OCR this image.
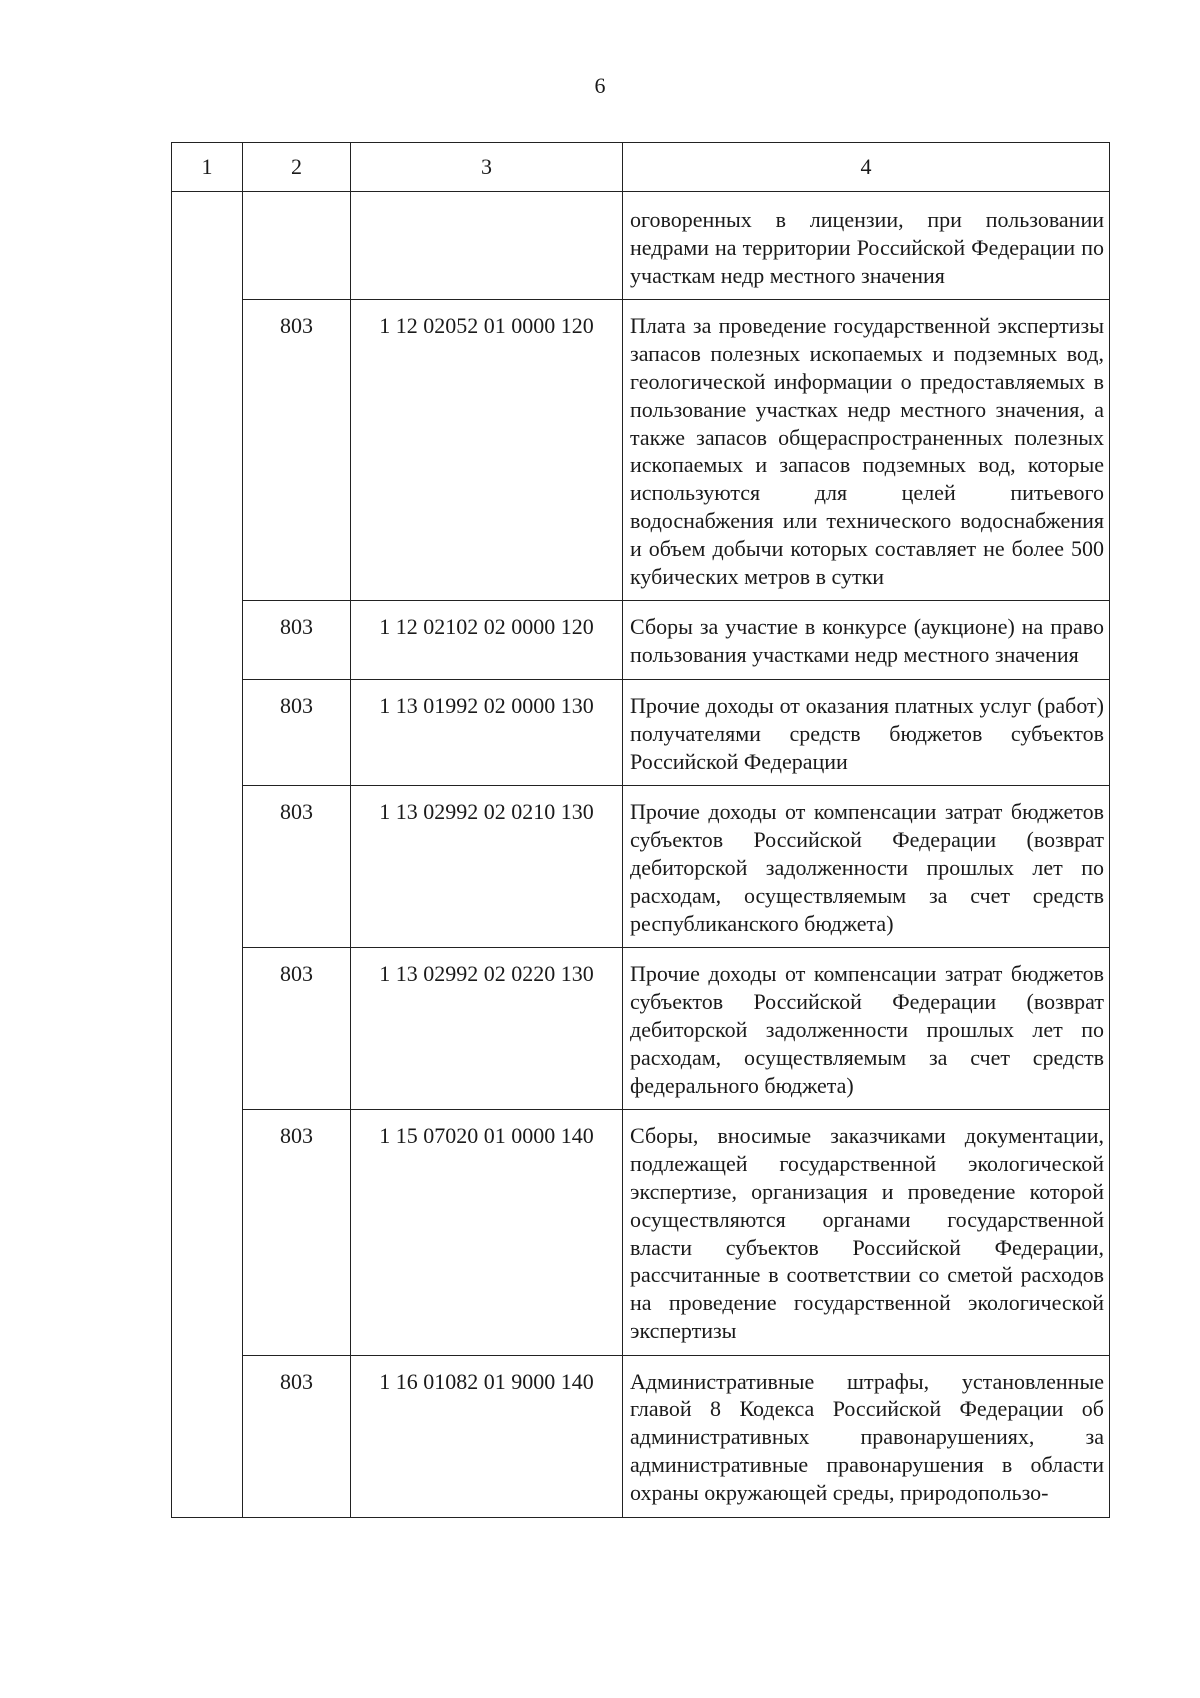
6
1	2	3	4
			оговоренных в лицензии, при пользовании недрами на территории Российской Федерации по участкам недр местного значения
	803	1 12 02052 01 0000 120	Плата за проведение государственной экспертизы запасов полезных ископаемых и подземных вод, геологической информации о предоставляемых в пользование участках недр местного значения, а также запасов общераспространенных полезных ископаемых и запасов подземных вод, которые используются для целей питьевого водоснабжения или технического водоснабжения и объем добычи которых составляет не более 500 кубических метров в сутки
	803	1 12 02102 02 0000 120	Сборы за участие в конкурсе (аукционе) на право пользования участками недр местного значения
	803	1 13 01992 02 0000 130	Прочие доходы от оказания платных услуг (работ) получателями средств бюджетов субъектов Российской Федерации
	803	1 13 02992 02 0210 130	Прочие доходы от компенсации затрат бюджетов субъектов Российской Федерации (возврат дебиторской задолженности прошлых лет по расходам, осуществляемым за счет средств республиканского бюджета)
	803	1 13 02992 02 0220 130	Прочие доходы от компенсации затрат бюджетов субъектов Российской Федерации (возврат дебиторской задолженности прошлых лет по расходам, осуществляемым за счет средств федерального бюджета)
	803	1 15 07020 01 0000 140	Сборы, вносимые заказчиками документации, подлежащей государственной экологической экспертизе, организация и проведение которой осуществляются органами государственной власти субъектов Российской Федерации, рассчитанные в соответствии со сметой расходов на проведение государственной экологической экспертизы
	803	1 16 01082 01 9000 140	Административные штрафы, установленные главой 8 Кодекса Российской Федерации об административных правонарушениях, за административные правонарушения в области охраны окружающей среды, природопользо-
